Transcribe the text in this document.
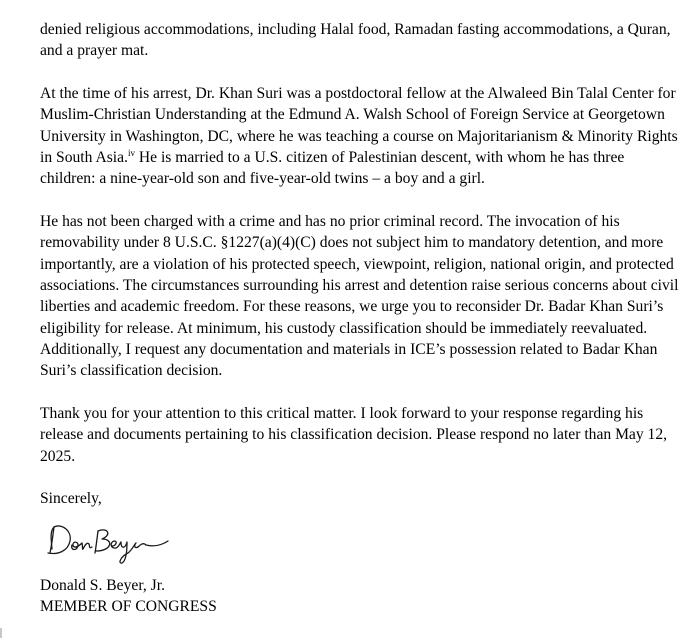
denied religious accommodations, including Halal food, Ramadan fasting accommodations, a Quran, and a prayer mat.

At the time of his arrest, Dr. Khan Suri was a postdoctoral fellow at the Alwaleed Bin Talal Center for Muslim-Christian Understanding at the Edmund A. Walsh School of Foreign Service at Georgetown University in Washington, DC, where he was teaching a course on Majoritarianism & Minority Rights in South Asia.$^{iv}$ He is married to a U.S. citizen of Palestinian descent, with whom he has three children: a nine-year-old son and five-year-old twins – a boy and a girl.

He has not been charged with a crime and has no prior criminal record. The invocation of his removability under 8 U.S.C. §1227(a)(4)(C) does not subject him to mandatory detention, and more importantly, are a violation of his protected speech, viewpoint, religion, national origin, and protected associations. The circumstances surrounding his arrest and detention raise serious concerns about civil liberties and academic freedom. For these reasons, we urge you to reconsider Dr. Badar Khan Suri’s eligibility for release. At minimum, his custody classification should be immediately reevaluated. Additionally, I request any documentation and materials in ICE’s possession related to Badar Khan Suri’s classification decision.

Thank you for your attention to this critical matter. I look forward to your response regarding his release and documents pertaining to his classification decision. Please respond no later than May 12, 2025.

Sincerely,

Donald S. Beyer, Jr.

MEMBER OF CONGRESS
